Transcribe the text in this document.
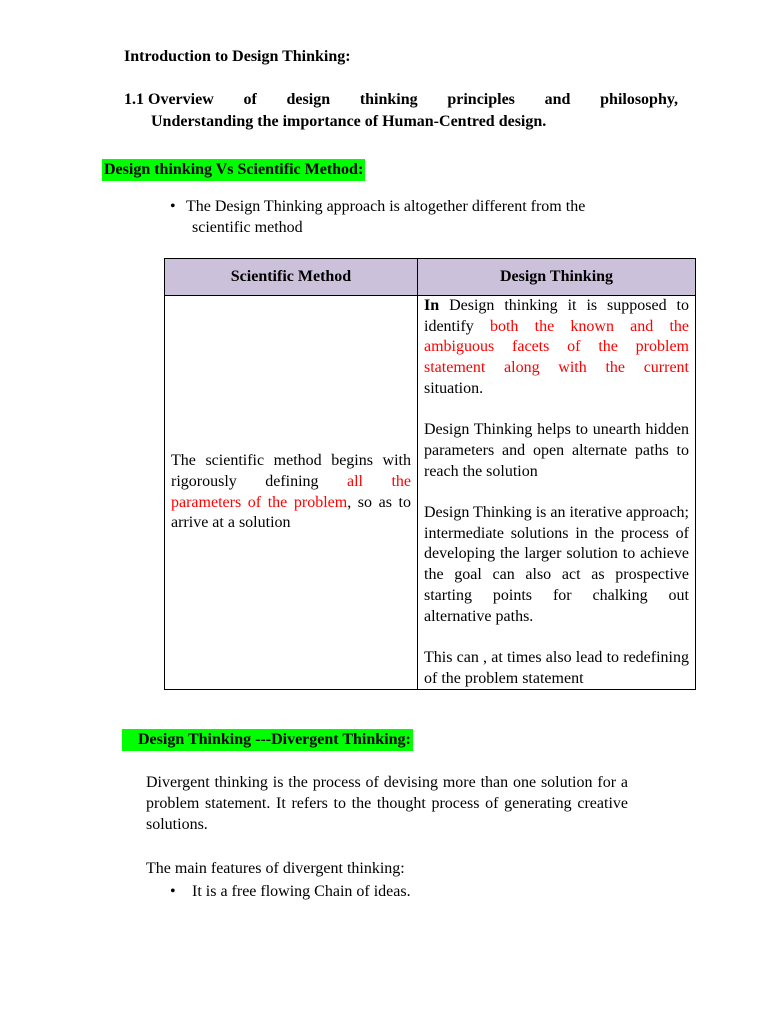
Introduction to Design Thinking:
1.1 Overview of design thinking principles and philosophy,
Understanding the importance of Human-Centred design.
Design thinking Vs Scientific Method:
• The Design Thinking approach is altogether different from the
scientific method
Scientific Method	Design Thinking

The scientific method begins with rigorously defining all the parameters of the problem, so as to arrive at a solution	In Design thinking it is supposed to identify both the known and the ambiguous facets of the problem statement along with the current situation.

Design Thinking helps to unearth hidden parameters and open alternate paths to reach the solution

Design Thinking is an iterative approach; intermediate solutions in the process of developing the larger solution to achieve the goal can also act as prospective starting points for chalking out alternative paths.

This can , at times also lead to redefining of the problem statement

Design Thinking ---Divergent Thinking:
Divergent thinking is the process of devising more than one solution for a problem statement. It refers to the thought process of generating creative solutions.
The main features of divergent thinking:
• It is a free flowing Chain of ideas.
